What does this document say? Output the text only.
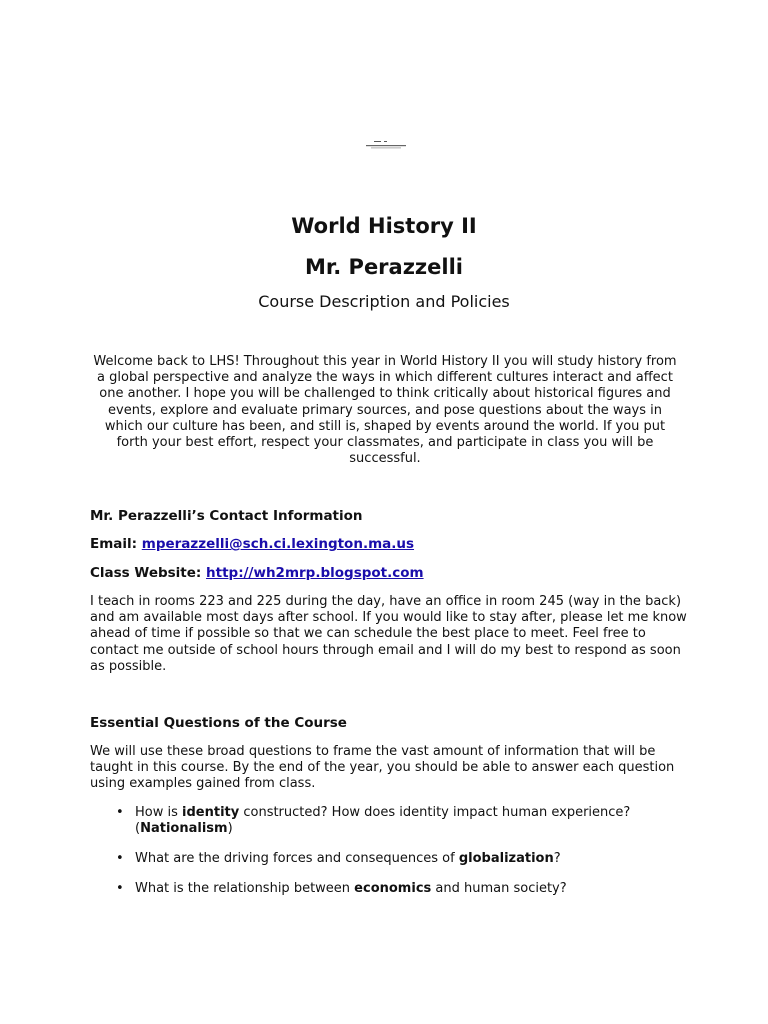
World History II
Mr. Perazzelli

Course Description and Policies

Welcome back to LHS! Throughout this year in World History II you will study history from a global perspective and analyze the ways in which different cultures interact and affect one another. I hope you will be challenged to think critically about historical figures and events, explore and evaluate primary sources, and pose questions about the ways in which our culture has been, and still is, shaped by events around the world. If you put forth your best effort, respect your classmates, and participate in class you will be successful.

Mr. Perazzelli’s Contact Information

Email: mperazzelli@sch.ci.lexington.ma.us

Class Website: http://wh2mrp.blogspot.com

I teach in rooms 223 and 225 during the day, have an office in room 245 (way in the back) and am available most days after school. If you would like to stay after, please let me know ahead of time if possible so that we can schedule the best place to meet. Feel free to contact me outside of school hours through email and I will do my best to respond as soon as possible.

Essential Questions of the Course

We will use these broad questions to frame the vast amount of information that will be taught in this course. By the end of the year, you should be able to answer each question using examples gained from class.

• How is identity constructed? How does identity impact human experience?
(Nationalism)
• What are the driving forces and consequences of globalization?
• What is the relationship between economics and human society?
